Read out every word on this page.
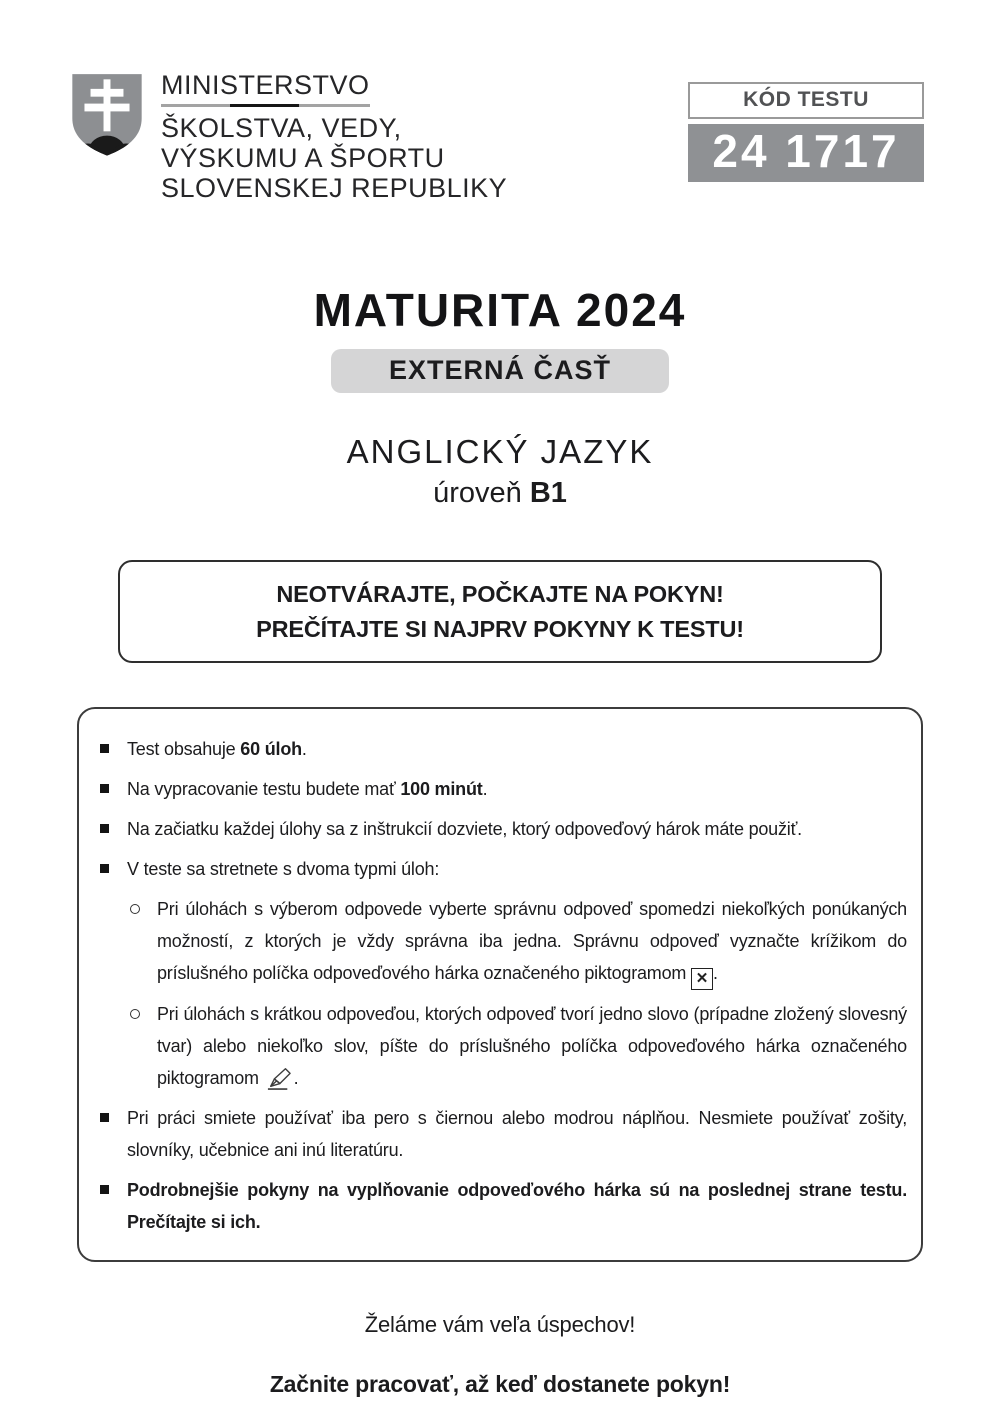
MINISTERSTVO
ŠKOLSTVA, VEDY,
VÝSKUMU A ŠPORTU
SLOVENSKEJ REPUBLIKY
KÓD TESTU
24 1717
MATURITA 2024
EXTERNÁ ČASŤ
ANGLICKÝ JAZYK
úroveň B1
NEOTVÁRAJTE, POČKAJTE NA POKYN!
PREČÍTAJTE SI NAJPRV POKYNY K TESTU!
Test obsahuje 60 úloh.
Na vypracovanie testu budete mať 100 minút.
Na začiatku každej úlohy sa z inštrukcií dozviete, ktorý odpoveďový hárok máte použiť.
V teste sa stretnete s dvoma typmi úloh:
Pri úlohách s výberom odpovede vyberte správnu odpoveď spomedzi niekoľkých ponúkaných možností, z ktorých je vždy správna iba jedna. Správnu odpoveď vyznačte krížikom do príslušného políčka odpoveďového hárka označeného piktogramom ✕ .
Pri úlohách s krátkou odpoveďou, ktorých odpoveď tvorí jedno slovo (prípadne zložený slovesný tvar) alebo niekoľko slov, píšte do príslušného políčka odpoveďového hárka označeného piktogramom .
Pri práci smiete používať iba pero s čiernou alebo modrou náplňou. Nesmiete používať zošity, slovníky, učebnice ani inú literatúru.
Podrobnejšie pokyny na vyplňovanie odpoveďového hárka sú na poslednej strane testu. Prečítajte si ich.
Želáme vám veľa úspechov!
Začnite pracovať, až keď dostanete pokyn!
